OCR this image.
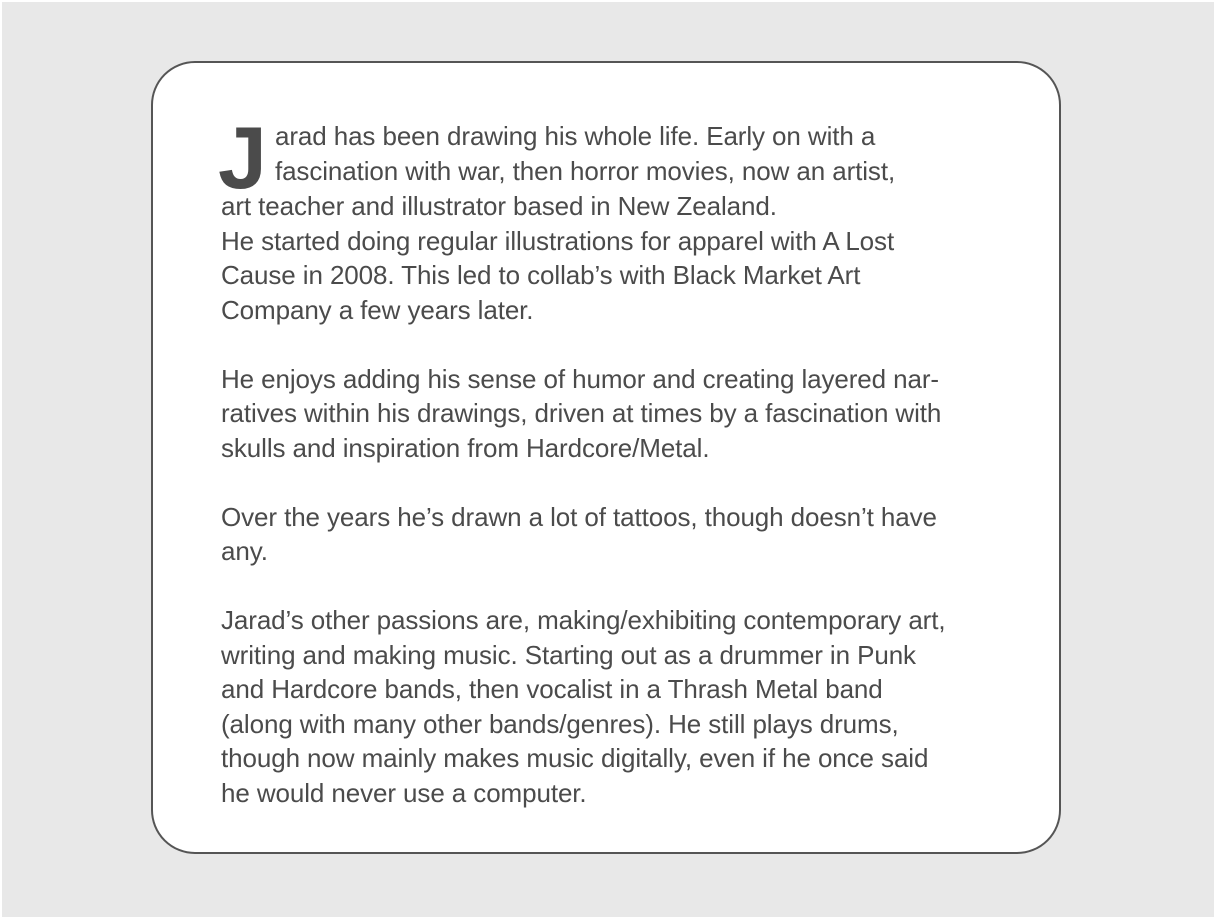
J arad has been drawing his whole life. Early on with a
fascination with war, then horror movies, now an artist,
art teacher and illustrator based in New Zealand.
He started doing regular illustrations for apparel with A Lost
Cause in 2008. This led to collab’s with Black Market Art
Company a few years later.
He enjoys adding his sense of humor and creating layered nar-
ratives within his drawings, driven at times by a fascination with
skulls and inspiration from Hardcore/Metal.
Over the years he’s drawn a lot of tattoos, though doesn’t have
any.
Jarad’s other passions are, making/exhibiting contemporary art,
writing and making music. Starting out as a drummer in Punk
and Hardcore bands, then vocalist in a Thrash Metal band
(along with many other bands/genres). He still plays drums,
though now mainly makes music digitally, even if he once said
he would never use a computer.
